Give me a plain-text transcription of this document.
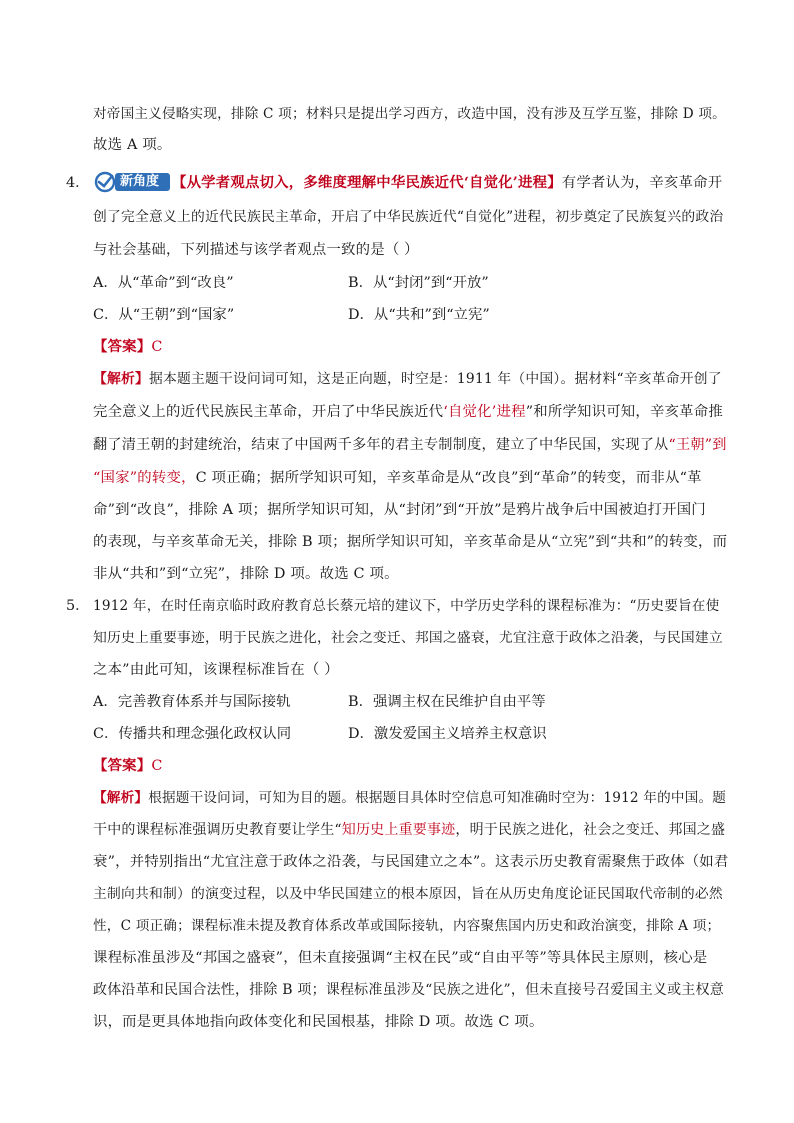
对帝国主义侵略实现，排除 C 项；材料只是提出学习西方，改造中国，没有涉及互学互鉴，排除 D 项。
故选 A 项。
4． 新角度 【从学者观点切入，多维度理解中华民族近代‘自觉化’进程】有学者认为，辛亥革命开
创了完全意义上的近代民族民主革命，开启了中华民族近代“自觉化”进程，初步奠定了民族复兴的政治
与社会基础，下列描述与该学者观点一致的是（ ）
A．从“革命”到“改良”	B．从“封闭”到“开放”
C．从“王朝”到“国家”	D．从“共和”到“立宪”
【答案】C
【解析】据本题主题干设问词可知，这是正向题，时空是：1911 年（中国）。据材料“辛亥革命开创了
完全意义上的近代民族民主革命，开启了中华民族近代‘自觉化’进程”和所学知识可知，辛亥革命推
翻了清王朝的封建统治，结束了中国两千多年的君主专制制度，建立了中华民国，实现了从“王朝”到
“国家”的转变，C 项正确；据所学知识可知，辛亥革命是从“改良”到“革命”的转变，而非从“革
命”到“改良”，排除 A 项；据所学知识可知，从“封闭”到“开放”是鸦片战争后中国被迫打开国门
的表现，与辛亥革命无关，排除 B 项；据所学知识可知，辛亥革命是从“立宪”到“共和”的转变，而
非从“共和”到“立宪”，排除 D 项。故选 C 项。
5． 1912 年，在时任南京临时政府教育总长蔡元培的建议下，中学历史学科的课程标准为：“历史要旨在使
知历史上重要事迹，明于民族之进化，社会之变迁、邦国之盛衰，尤宜注意于政体之沿袭，与民国建立
之本”由此可知，该课程标准旨在（ ）
A．完善教育体系并与国际接轨	B．强调主权在民维护自由平等
C．传播共和理念强化政权认同	D．激发爱国主义培养主权意识
【答案】C
【解析】根据题干设问词，可知为目的题。根据题目具体时空信息可知准确时空为：1912 年的中国。题
干中的课程标准强调历史教育要让学生“知历史上重要事迹，明于民族之进化，社会之变迁、邦国之盛
衰”，并特别指出“尤宜注意于政体之沿袭，与民国建立之本”。这表示历史教育需聚焦于政体（如君
主制向共和制）的演变过程，以及中华民国建立的根本原因，旨在从历史角度论证民国取代帝制的必然
性，C 项正确；课程标准未提及教育体系改革或国际接轨，内容聚焦国内历史和政治演变，排除 A 项；
课程标准虽涉及“邦国之盛衰”，但未直接强调“主权在民”或“自由平等”等具体民主原则，核心是
政体沿革和民国合法性，排除 B 项；课程标准虽涉及“民族之进化”，但未直接号召爱国主义或主权意
识，而是更具体地指向政体变化和民国根基，排除 D 项。故选 C 项。
